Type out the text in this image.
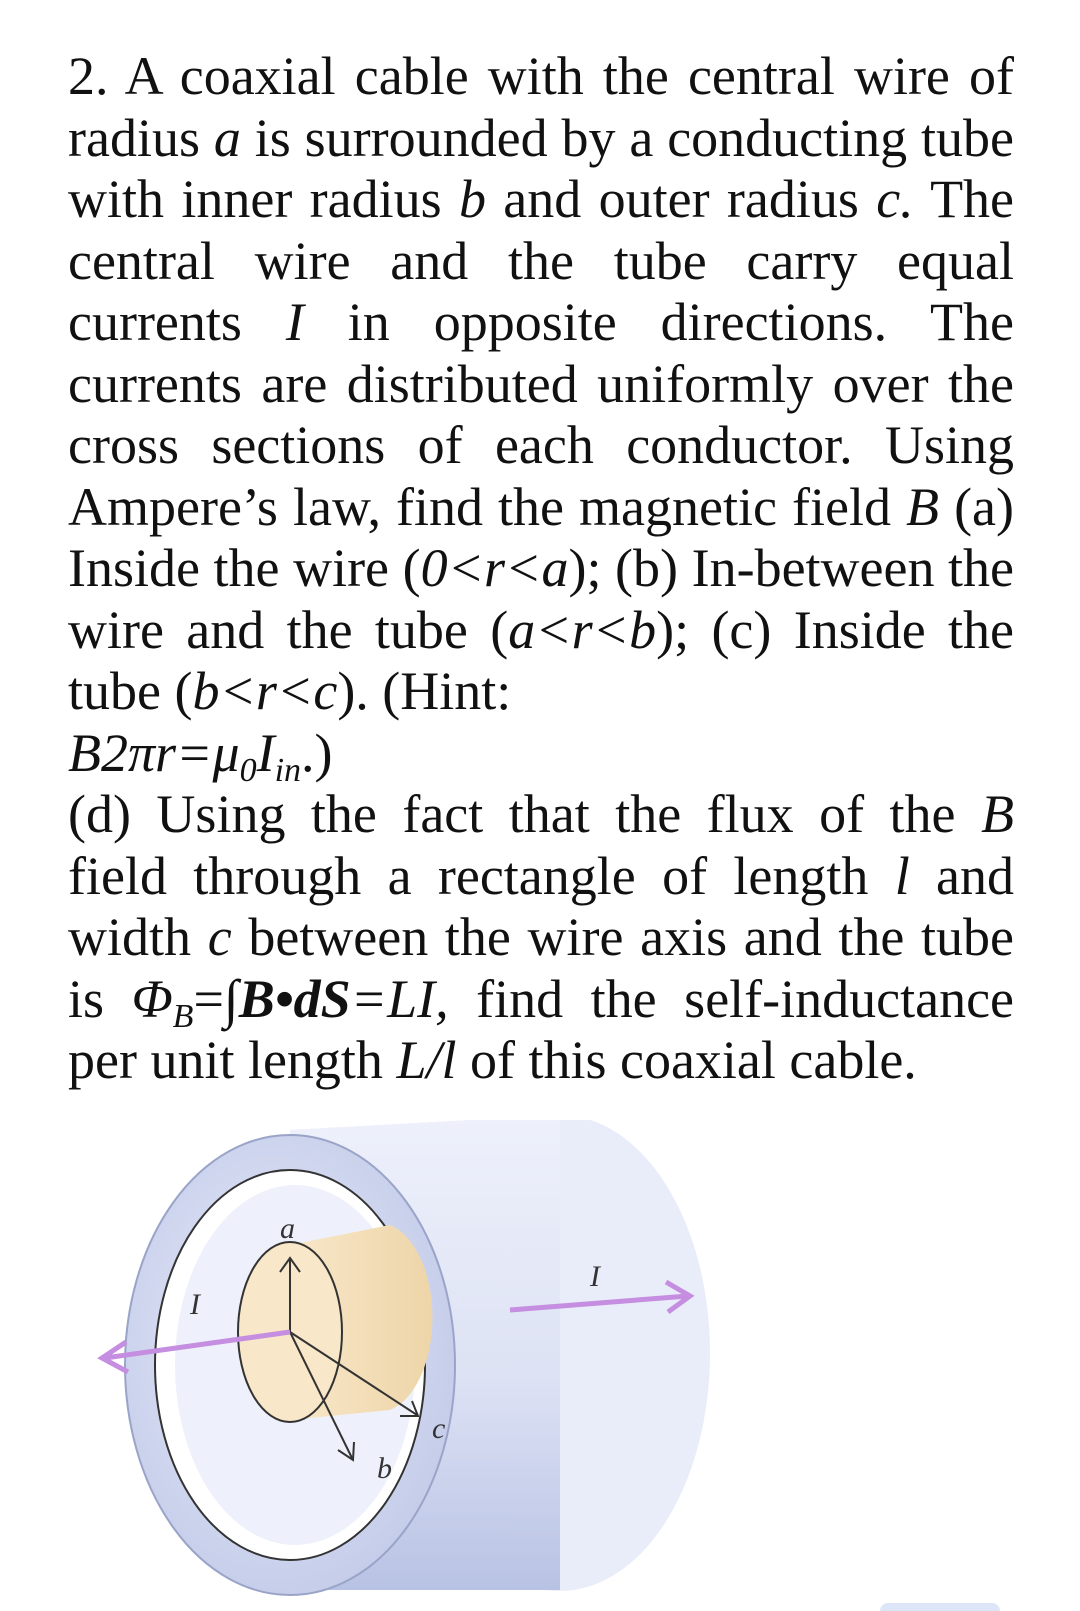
2. A coaxial cable with the central wire of radius a is surrounded by a conducting tube with inner radius b and outer radius c. The central wire and the tube carry equal currents I in opposite directions. The currents are distributed uniformly over the cross sections of each conductor. Using Ampere’s law, find the magnetic field B (a) Inside the wire (0<r<a); (b) In-between the wire and the tube (a<r<b); (c) Inside the tube (b<r<c). (Hint:

$B2\pi r=\mu_0I_{in}$.)

(d) Using the fact that the flux of the B field through a rectangle of length l and width c between the wire axis and the tube is $\Phi_B=\int B•dS=LI$, find the self-inductance per unit length L/l of this coaxial cable.

a
b
c
I
I
